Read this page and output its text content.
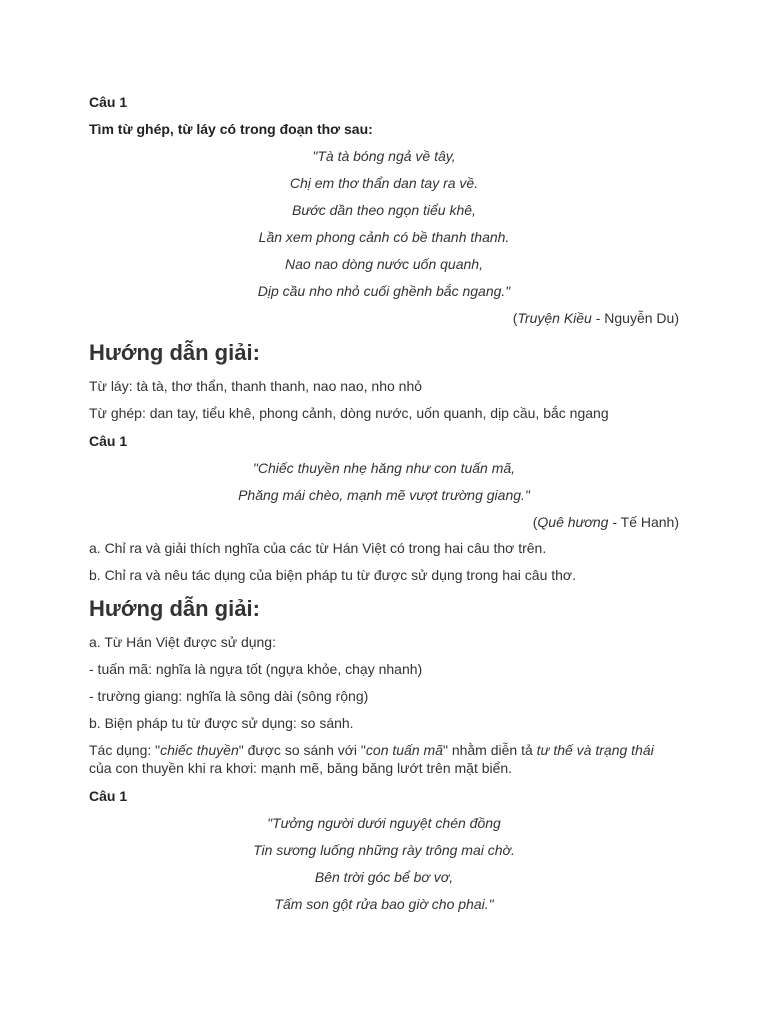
Câu 1
Tìm từ ghép, từ láy có trong đoạn thơ sau:
"Tà tà bóng ngả về tây,
Chị em thơ thẩn dan tay ra về.
Bước dần theo ngọn tiểu khê,
Lần xem phong cảnh có bề thanh thanh.
Nao nao dòng nước uốn quanh,
Dịp cầu nho nhỏ cuối ghềnh bắc ngang."
(Truyện Kiều - Nguyễn Du)
Hướng dẫn giải:
Từ láy: tà tà, thơ thẩn, thanh thanh, nao nao, nho nhỏ
Từ ghép: dan tay, tiểu khê, phong cảnh, dòng nước, uốn quanh, dịp cầu, bắc ngang
Câu 1
"Chiếc thuyền nhẹ hăng như con tuấn mã,
Phăng mái chèo, mạnh mẽ vượt trường giang."
(Quê hương - Tế Hanh)
a. Chỉ ra và giải thích nghĩa của các từ Hán Việt có trong hai câu thơ trên.
b. Chỉ ra và nêu tác dụng của biện pháp tu từ được sử dụng trong hai câu thơ.
Hướng dẫn giải:
a. Từ Hán Việt được sử dụng:
- tuấn mã: nghĩa là ngựa tốt (ngựa khỏe, chạy nhanh)
- trường giang: nghĩa là sông dài (sông rộng)
b. Biện pháp tu từ được sử dụng: so sánh.
Tác dụng: "chiếc thuyền" được so sánh với "con tuấn mã" nhằm diễn tả tư thế và trạng thái của con thuyền khi ra khơi: mạnh mẽ, băng băng lướt trên mặt biển.
Câu 1
"Tưởng người dưới nguyệt chén đồng
Tin sương luống những rày trông mai chờ.
Bên trời góc bể bơ vơ,
Tấm son gột rửa bao giờ cho phai."
